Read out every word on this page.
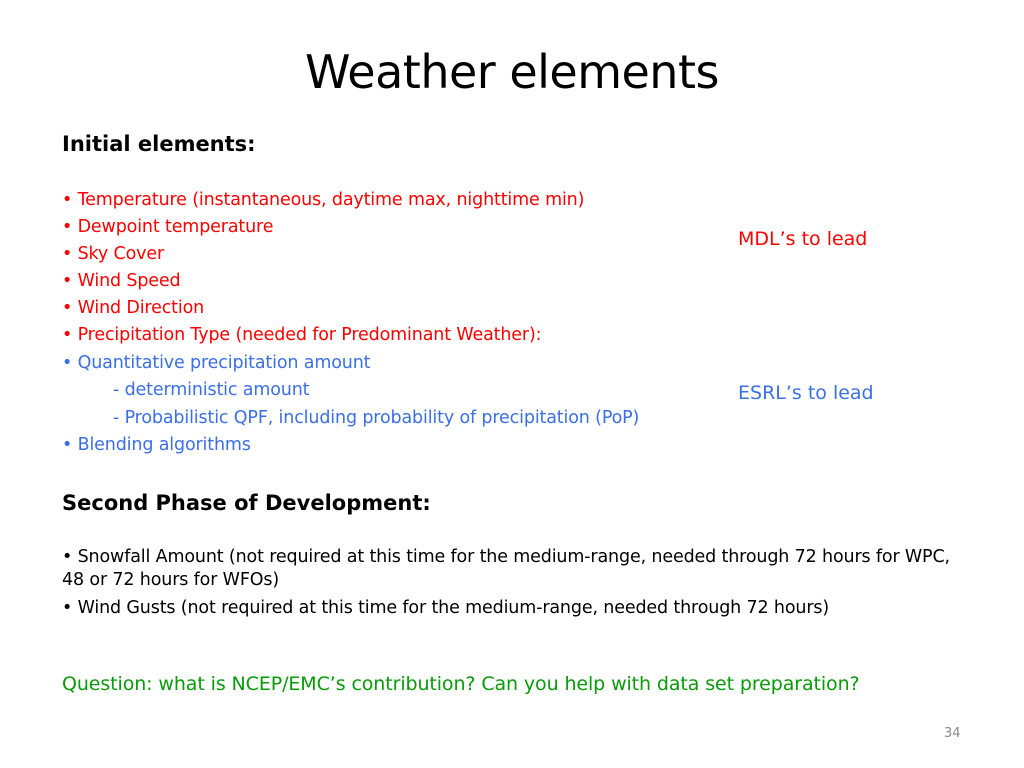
Weather elements
Initial elements:
• Temperature (instantaneous, daytime max, nighttime min)
• Dewpoint temperature
• Sky Cover
• Wind Speed
• Wind Direction
• Precipitation Type (needed for Predominant Weather):
• Quantitative precipitation amount
- deterministic amount
- Probabilistic QPF, including probability of precipitation (PoP)
• Blending algorithms
MDL’s to lead
ESRL’s to lead
Second Phase of Development:
• Snowfall Amount (not required at this time for the medium-range, needed through 72 hours for WPC, 48 or 72 hours for WFOs)
• Wind Gusts (not required at this time for the medium-range, needed through 72 hours)
Question: what is NCEP/EMC’s contribution? Can you help with data set preparation?
34
